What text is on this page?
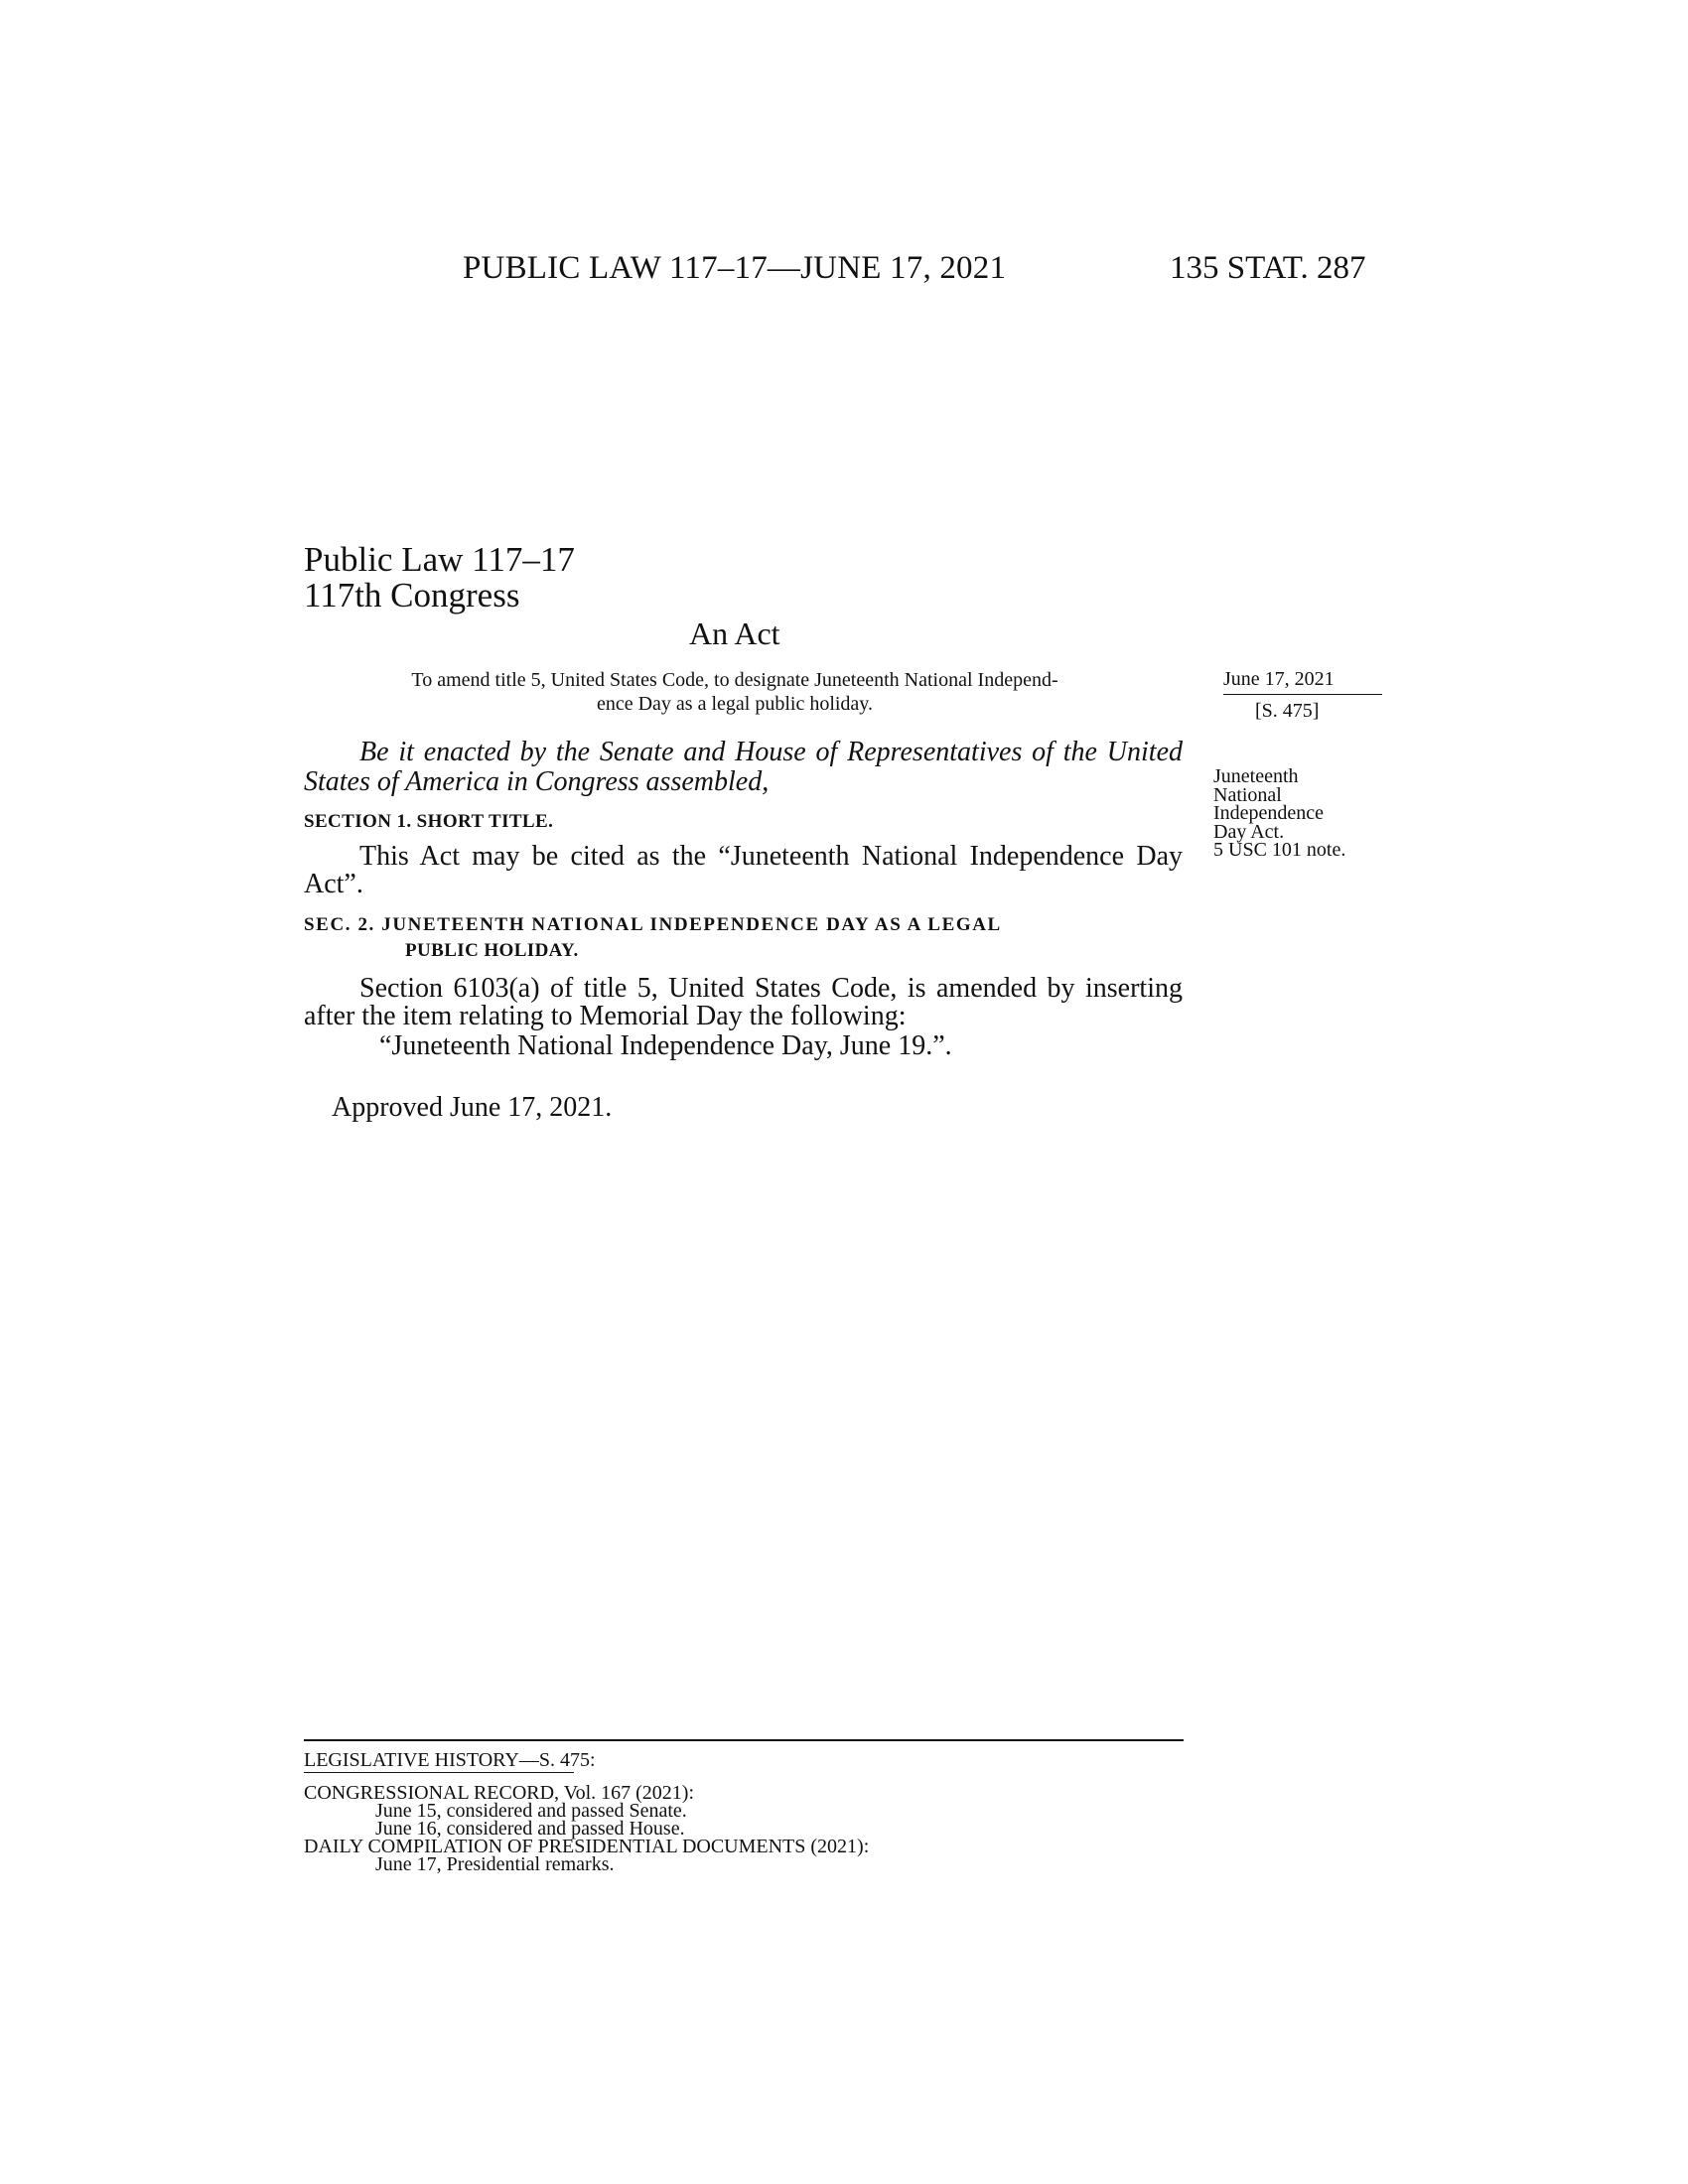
PUBLIC LAW 117–17—JUNE 17, 2021	135 STAT. 287
Public Law 117–17
117th Congress
An Act
To amend title 5, United States Code, to designate Juneteenth National Independ-
ence Day as a legal public holiday.
June 17, 2021
[S. 475]
Juneteenth
National
Independence
Day Act.
5 USC 101 note.
Be it enacted by the Senate and House of Representatives of the United States of America in Congress assembled,
SECTION 1. SHORT TITLE.
This Act may be cited as the “Juneteenth National Independence Day Act”.
SEC. 2. JUNETEENTH NATIONAL INDEPENDENCE DAY AS A LEGAL
PUBLIC HOLIDAY.
Section 6103(a) of title 5, United States Code, is amended by inserting after the item relating to Memorial Day the following:
“Juneteenth National Independence Day, June 19.”.
Approved June 17, 2021.
LEGISLATIVE HISTORY—S. 475:
CONGRESSIONAL RECORD, Vol. 167 (2021):
June 15, considered and passed Senate.
June 16, considered and passed House.
DAILY COMPILATION OF PRESIDENTIAL DOCUMENTS (2021):
June 17, Presidential remarks.
